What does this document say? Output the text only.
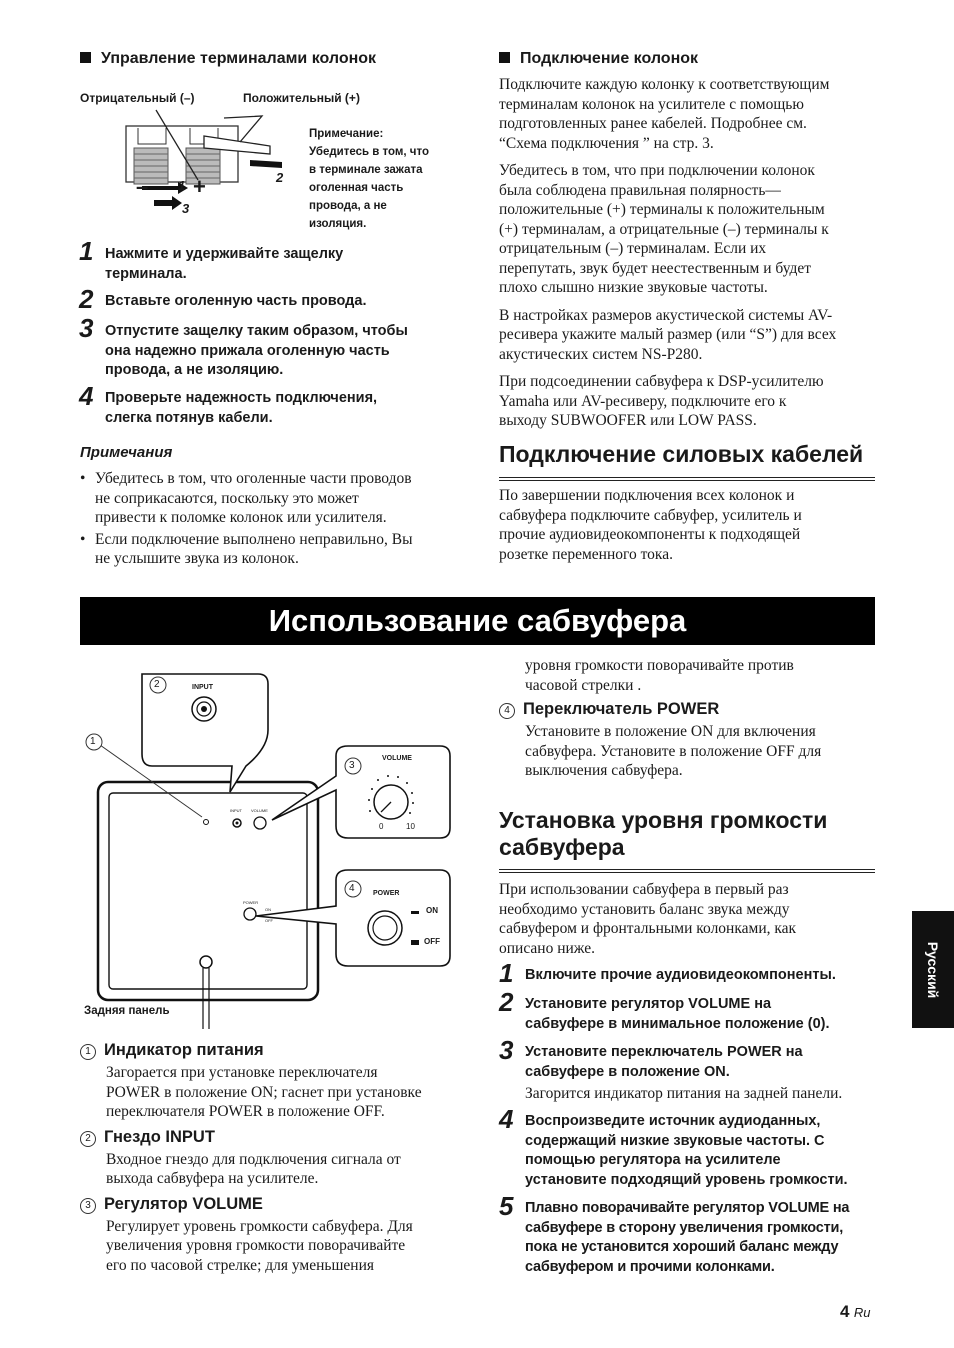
Управление терминалами колонок
Отрицательный (–)	Положительный (+)
– 1 +	2
3
Примечание:
Убедитесь в том, что
в терминале зажата
оголенная часть
провода, а не
изоляция.
1 Нажмите и удерживайте защелку
терминала.
2 Вставьте оголенную часть провода.
3 Отпустите защелку таким образом, чтобы
она надежно прижала оголенную часть
провода, а не изоляцию.
4 Проверьте надежность подключения,
слегка потянув кабели.
Примечания
• Убедитесь в том, что оголенные части проводов
не соприкасаются, поскольку это может
привести к поломке колонок или усилителя.
• Если подключение выполнено неправильно, Вы
не услышите звука из колонок.
Подключение колонок
Подключите каждую колонку к соответствующим
терминалам колонок на усилителе с помощью
подготовленных ранее кабелей. Подробнее см.
“Схема подключения ” на стр. 3.
Убедитесь в том, что при подключении колонок
была соблюдена правильная полярность—
положительные (+) терминалы к положительным
(+) терминалам, а отрицательные (–) терминалы к
отрицательным (–) терминалам. Если их
перепутать, звук будет неестественным и будет
плохо слышно низкие звуковые частоты.
В настройках размеров акустической системы AV-
ресивера укажите малый размер (или “S”) для всех
акустических систем NS-P280.
При подсоединении сабвуфера к DSP-усилителю
Yamaha или AV-ресиверу, подключите его к
выходу SUBWOOFER или LOW PASS.
Подключение силовых кабелей
По завершении подключения всех колонок и
сабвуфера подключите сабвуфер, усилитель и
прочие аудиовидеокомпоненты к подходящей
розетке переменного тока.
Использование сабвуфера
1
2
3
4
INPUT
VOLUME
0	10
POWER
ON
OFF
INPUT VOLUME
POWER
ON
OFF
Задняя панель
1 Индикатор питания
Загорается при установке переключателя
POWER в положение ON; гаснет при установке
переключателя POWER в положение OFF.
2 Гнездо INPUT
Входное гнездо для подключения сигнала от
выхода сабвуфера на усилителе.
3 Регулятор VOLUME
Регулирует уровень громкости сабвуфера. Для
увеличения уровня громкости поворачивайте
его по часовой стрелке; для уменьшения
уровня громкости поворачивайте против
часовой стрелки .
4 Переключатель POWER
Установите в положение ON для включения
сабвуфера. Установите в положение OFF для
выключения сабвуфера.
Установка уровня громкости
сабвуфера
При использовании сабвуфера в первый раз
необходимо установить баланс звука между
сабвуфером и фронтальными колонками, как
описано ниже.
1 Включите прочие аудиовидеокомпоненты.
2 Установите регулятор VOLUME на
сабвуфере в минимальное положение (0).
3 Установите переключатель POWER на
сабвуфере в положение ON.
Загорится индикатор питания на задней панели.
4 Воспроизведите источник аудиоданных,
содержащий низкие звуковые частоты. С
помощью регулятора на усилителе
установите подходящий уровень громкости.
5 Плавно поворачивайте регулятор VOLUME на
сабвуфере в сторону увеличения громкости,
пока не установится хороший баланс между
сабвуфером и прочими колонками.
Русский
4 Ru
